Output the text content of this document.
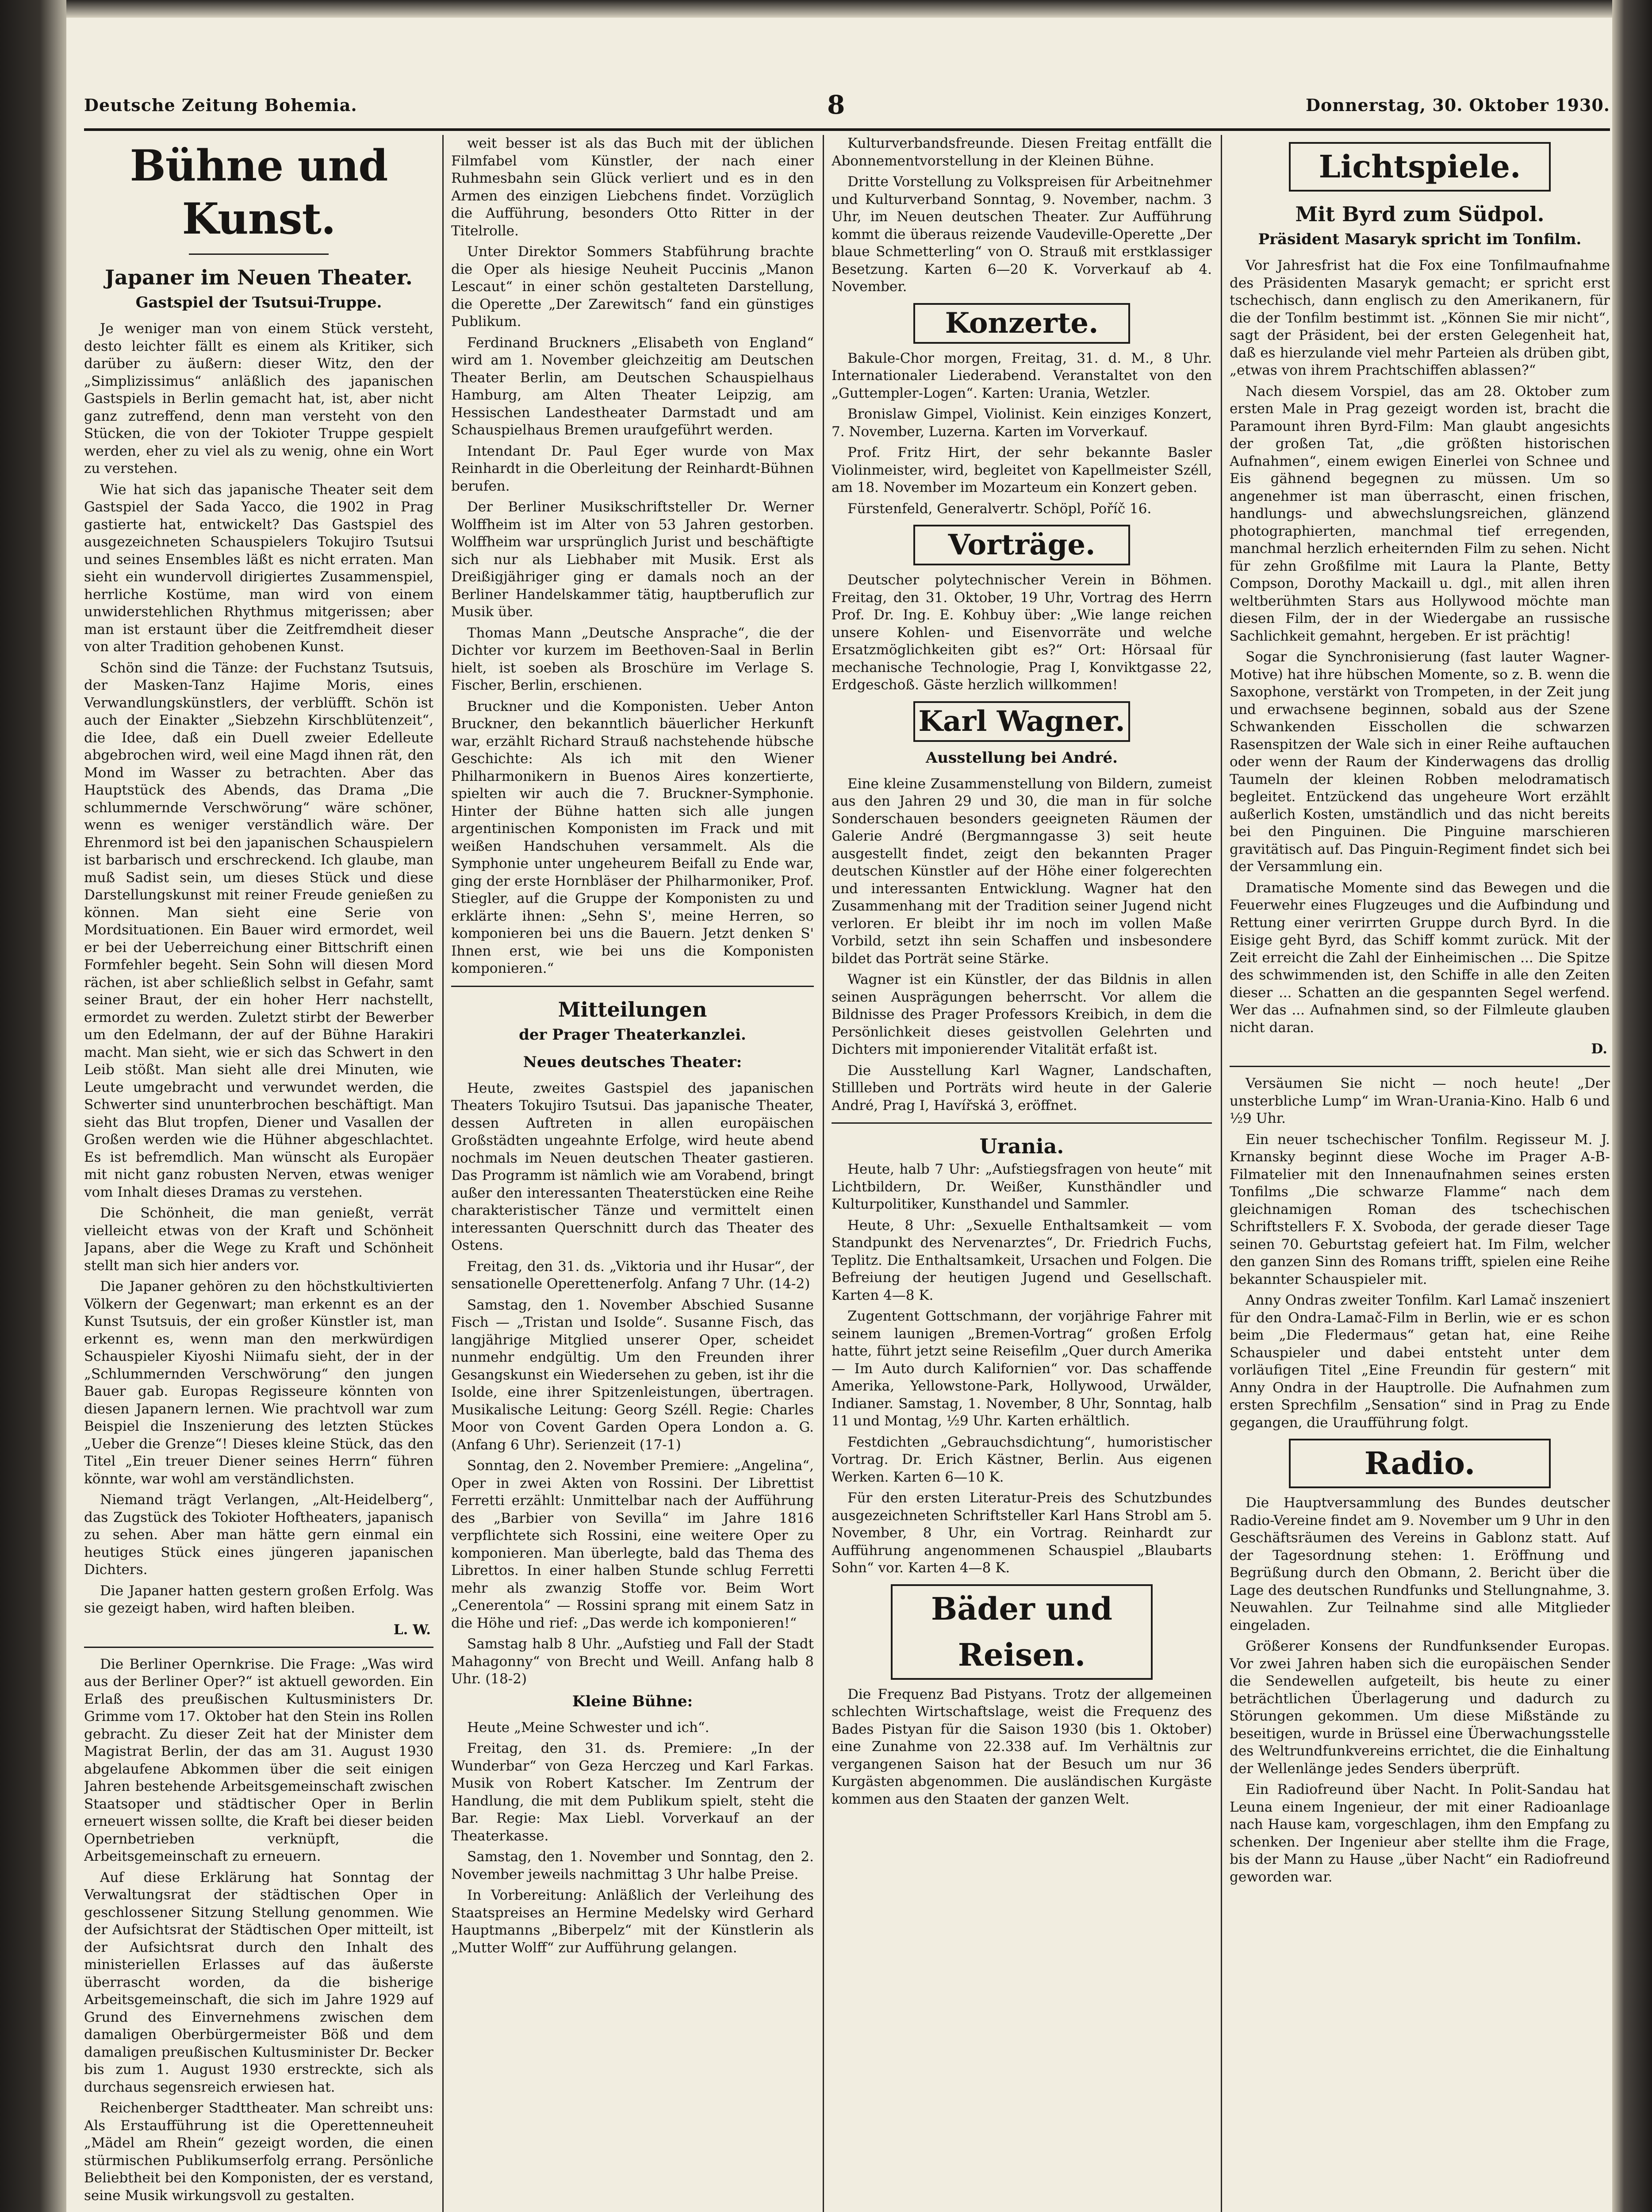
Deutsche Zeitung Bohemia.	8	Donnerstag, 30. Oktober 1930.
Bühne und Kunst.
Japaner im Neuen Theater.
Gastspiel der Tsutsui-Truppe.

Je weniger man von einem Stück versteht, desto leichter fällt es einem als Kritiker, sich darüber zu äußern: dieser Witz, den der „Simplizissimus“ anläßlich des japanischen Gastspiels in Berlin gemacht hat, ist, aber nicht ganz zutreffend, denn man versteht von den Stücken, die von der Tokioter Truppe gespielt werden, eher zu viel als zu wenig, ohne ein Wort zu verstehen.

Wie hat sich das japanische Theater seit dem Gastspiel der Sada Yacco, die 1902 in Prag gastierte hat, entwickelt? Das Gastspiel des ausgezeichneten Schauspielers Tokujiro Tsutsui und seines Ensembles läßt es nicht erraten. Man sieht ein wundervoll dirigiertes Zusammenspiel, herrliche Kostüme, man wird von einem unwiderstehlichen Rhythmus mitgerissen; aber man ist erstaunt über die Zeitfremdheit dieser von alter Tradition gehobenen Kunst.

Schön sind die Tänze: der Fuchstanz Tsutsuis, der Masken-Tanz Hajime Moris, eines Verwandlungskünstlers, der verblüfft. Schön ist auch der Einakter „Siebzehn Kirschblütenzeit“, die Idee, daß ein Duell zweier Edelleute abgebrochen wird, weil eine Magd ihnen rät, den Mond im Wasser zu betrachten. Aber das Hauptstück des Abends, das Drama „Die schlummernde Verschwörung“ wäre schöner, wenn es weniger verständlich wäre. Der Ehrenmord ist bei den japanischen Schauspielern ist barbarisch und erschreckend. Ich glaube, man muß Sadist sein, um dieses Stück und diese Darstellungskunst mit reiner Freude genießen zu können. Man sieht eine Serie von Mordsituationen. Ein Bauer wird ermordet, weil er bei der Ueberreichung einer Bittschrift einen Formfehler begeht. Sein Sohn will diesen Mord rächen, ist aber schließlich selbst in Gefahr, samt seiner Braut, der ein hoher Herr nachstellt, ermordet zu werden. Zuletzt stirbt der Bewerber um den Edelmann, der auf der Bühne Harakiri macht. Man sieht, wie er sich das Schwert in den Leib stößt. Man sieht alle drei Minuten, wie Leute umgebracht und verwundet werden, die Schwerter sind ununterbrochen beschäftigt. Man sieht das Blut tropfen, Diener und Vasallen der Großen werden wie die Hühner abgeschlachtet. Es ist befremdlich. Man wünscht als Europäer mit nicht ganz robusten Nerven, etwas weniger vom Inhalt dieses Dramas zu verstehen.

Die Schönheit, die man genießt, verrät vielleicht etwas von der Kraft und Schönheit Japans, aber die Wege zu Kraft und Schönheit stellt man sich hier anders vor.

Die Japaner gehören zu den höchstkultivierten Völkern der Gegenwart; man erkennt es an der Kunst Tsutsuis, der ein großer Künstler ist, man erkennt es, wenn man den merkwürdigen Schauspieler Kiyoshi Niimafu sieht, der in der „Schlummernden Verschwörung“ den jungen Bauer gab. Europas Regisseure könnten von diesen Japanern lernen. Wie prachtvoll war zum Beispiel die Inszenierung des letzten Stückes „Ueber die Grenze“! Dieses kleine Stück, das den Titel „Ein treuer Diener seines Herrn“ führen könnte, war wohl am verständlichsten.

Niemand trägt Verlangen, „Alt-Heidelberg“, das Zugstück des Tokioter Hoftheaters, japanisch zu sehen. Aber man hätte gern einmal ein heutiges Stück eines jüngeren japanischen Dichters.

Die Japaner hatten gestern großen Erfolg. Was sie gezeigt haben, wird haften bleiben.

L. W.

Die Berliner Opernkrise. Die Frage: „Was wird aus der Berliner Oper?“ ist aktuell geworden. Ein Erlaß des preußischen Kultusministers Dr. Grimme vom 17. Oktober hat den Stein ins Rollen gebracht. Zu dieser Zeit hat der Minister dem Magistrat Berlin, der das am 31. August 1930 abgelaufene Abkommen über die seit einigen Jahren bestehende Arbeitsgemeinschaft zwischen Staatsoper und städtischer Oper in Berlin erneuert wissen sollte, die Kraft bei dieser beiden Opernbetrieben verknüpft, die Arbeitsgemeinschaft zu erneuern.

Auf diese Erklärung hat Sonntag der Verwaltungsrat der städtischen Oper in geschlossener Sitzung Stellung genommen. Wie der Aufsichtsrat der Städtischen Oper mitteilt, ist der Aufsichtsrat durch den Inhalt des ministeriellen Erlasses auf das äußerste überrascht worden, da die bisherige Arbeitsgemeinschaft, die sich im Jahre 1929 auf Grund des Einvernehmens zwischen dem damaligen Oberbürgermeister Böß und dem damaligen preußischen Kultusminister Dr. Becker bis zum 1. August 1930 erstreckte, sich als durchaus segensreich erwiesen hat.

Reichenberger Stadttheater. Man schreibt uns: Als Erstaufführung ist die Operettenneuheit „Mädel am Rhein“ gezeigt worden, die einen stürmischen Publikumserfolg errang. Persönliche Beliebtheit bei den Komponisten, der es verstand, seine Musik wirkungsvoll zu gestalten.

weit besser ist als das Buch mit der üblichen Filmfabel vom Künstler, der nach einer Ruhmesbahn sein Glück verliert und es in den Armen des einzigen Liebchens findet. Vorzüglich die Aufführung, besonders Otto Ritter in der Titelrolle.

Unter Direktor Sommers Stabführung brachte die Oper als hiesige Neuheit Puccinis „Manon Lescaut“ in einer schön gestalteten Darstellung, die Operette „Der Zarewitsch“ fand ein günstiges Publikum.

Ferdinand Bruckners „Elisabeth von England“ wird am 1. November gleichzeitig am Deutschen Theater Berlin, am Deutschen Schauspielhaus Hamburg, am Alten Theater Leipzig, am Hessischen Landestheater Darmstadt und am Schauspielhaus Bremen uraufgeführt werden.

Intendant Dr. Paul Eger wurde von Max Reinhardt in die Oberleitung der Reinhardt-Bühnen berufen.

Der Berliner Musikschriftsteller Dr. Werner Wolffheim ist im Alter von 53 Jahren gestorben. Wolffheim war ursprünglich Jurist und beschäftigte sich nur als Liebhaber mit Musik. Erst als Dreißigjähriger ging er damals noch an der Berliner Handelskammer tätig, hauptberuflich zur Musik über.

Thomas Mann „Deutsche Ansprache“, die der Dichter vor kurzem im Beethoven-Saal in Berlin hielt, ist soeben als Broschüre im Verlage S. Fischer, Berlin, erschienen.

Bruckner und die Komponisten. Ueber Anton Bruckner, den bekanntlich bäuerlicher Herkunft war, erzählt Richard Strauß nachstehende hübsche Geschichte: Als ich mit den Wiener Philharmonikern in Buenos Aires konzertierte, spielten wir auch die 7. Bruckner-Symphonie. Hinter der Bühne hatten sich alle jungen argentinischen Komponisten im Frack und mit weißen Handschuhen versammelt. Als die Symphonie unter ungeheurem Beifall zu Ende war, ging der erste Hornbläser der Philharmoniker, Prof. Stiegler, auf die Gruppe der Komponisten zu und erklärte ihnen: „Sehn S', meine Herren, so komponieren bei uns die Bauern. Jetzt denken S' Ihnen erst, wie bei uns die Komponisten komponieren.“

Mitteilungen
der Prager Theaterkanzlei.
Neues deutsches Theater:

Heute, zweites Gastspiel des japanischen Theaters Tokujiro Tsutsui. Das japanische Theater, dessen Auftreten in allen europäischen Großstädten ungeahnte Erfolge, wird heute abend nochmals im Neuen deutschen Theater gastieren. Das Programm ist nämlich wie am Vorabend, bringt außer den interessanten Theaterstücken eine Reihe charakteristischer Tänze und vermittelt einen interessanten Querschnitt durch das Theater des Ostens.

Freitag, den 31. ds. „Viktoria und ihr Husar“, der sensationelle Operettenerfolg. Anfang 7 Uhr. (14-2)

Samstag, den 1. November Abschied Susanne Fisch — „Tristan und Isolde“. Susanne Fisch, das langjährige Mitglied unserer Oper, scheidet nunmehr endgültig. Um den Freunden ihrer Gesangskunst ein Wiedersehen zu geben, ist ihr die Isolde, eine ihrer Spitzenleistungen, übertragen. Musikalische Leitung: Georg Széll. Regie: Charles Moor von Covent Garden Opera London a. G. (Anfang 6 Uhr). Serienzeit (17-1)

Sonntag, den 2. November Premiere: „Angelina“, Oper in zwei Akten von Rossini. Der Librettist Ferretti erzählt: Unmittelbar nach der Aufführung des „Barbier von Sevilla“ im Jahre 1816 verpflichtete sich Rossini, eine weitere Oper zu komponieren. Man überlegte, bald das Thema des Librettos. In einer halben Stunde schlug Ferretti mehr als zwanzig Stoffe vor. Beim Wort „Cenerentola“ — Rossini sprang mit einem Satz in die Höhe und rief: „Das werde ich komponieren!“

Samstag halb 8 Uhr. „Aufstieg und Fall der Stadt Mahagonny“ von Brecht und Weill. Anfang halb 8 Uhr. (18-2)

Kleine Bühne:

Heute „Meine Schwester und ich“.

Freitag, den 31. ds. Premiere: „In der Wunderbar“ von Geza Herczeg und Karl Farkas. Musik von Robert Katscher. Im Zentrum der Handlung, die mit dem Publikum spielt, steht die Bar. Regie: Max Liebl. Vorverkauf an der Theaterkasse.

Samstag, den 1. November und Sonntag, den 2. November jeweils nachmittag 3 Uhr halbe Preise.

In Vorbereitung: Anläßlich der Verleihung des Staatspreises an Hermine Medelsky wird Gerhard Hauptmanns „Biberpelz“ mit der Künstlerin als „Mutter Wolff“ zur Aufführung gelangen.

Kulturverbandsfreunde. Diesen Freitag entfällt die Abonnementvorstellung in der Kleinen Bühne.

Dritte Vorstellung zu Volkspreisen für Arbeitnehmer und Kulturverband Sonntag, 9. November, nachm. 3 Uhr, im Neuen deutschen Theater. Zur Aufführung kommt die überaus reizende Vaudeville-Operette „Der blaue Schmetterling“ von O. Strauß mit erstklassiger Besetzung. Karten 6—20 K. Vorverkauf ab 4. November.

Konzerte.

Bakule-Chor morgen, Freitag, 31. d. M., 8 Uhr. Internationaler Liederabend. Veranstaltet von den „Guttempler-Logen“. Karten: Urania, Wetzler.

Bronislaw Gimpel, Violinist. Kein einziges Konzert, 7. November, Luzerna. Karten im Vorverkauf.

Prof. Fritz Hirt, der sehr bekannte Basler Violinmeister, wird, begleitet von Kapellmeister Széll, am 18. November im Mozarteum ein Konzert geben.

Fürstenfeld, Generalvertr. Schöpl, Poříč 16.

Vorträge.

Deutscher polytechnischer Verein in Böhmen. Freitag, den 31. Oktober, 19 Uhr, Vortrag des Herrn Prof. Dr. Ing. E. Kohbuy über: „Wie lange reichen unsere Kohlen- und Eisenvorräte und welche Ersatzmöglichkeiten gibt es?“ Ort: Hörsaal für mechanische Technologie, Prag I, Konviktgasse 22, Erdgeschoß. Gäste herzlich willkommen!

Karl Wagner.
Ausstellung bei André.

Eine kleine Zusammenstellung von Bildern, zumeist aus den Jahren 29 und 30, die man in für solche Sonderschauen besonders geeigneten Räumen der Galerie André (Bergmanngasse 3) seit heute ausgestellt findet, zeigt den bekannten Prager deutschen Künstler auf der Höhe einer folgerechten und interessanten Entwicklung. Wagner hat den Zusammenhang mit der Tradition seiner Jugend nicht verloren. Er bleibt ihr im noch im vollen Maße Vorbild, setzt ihn sein Schaffen und insbesondere bildet das Porträt seine Stärke.

Wagner ist ein Künstler, der das Bildnis in allen seinen Ausprägungen beherrscht. Vor allem die Bildnisse des Prager Professors Kreibich, in dem die Persönlichkeit dieses geistvollen Gelehrten und Dichters mit imponierender Vitalität erfaßt ist.

Die Ausstellung Karl Wagner, Landschaften, Stillleben und Porträts wird heute in der Galerie André, Prag I, Havířská 3, eröffnet.

Urania.

Heute, halb 7 Uhr: „Aufstiegsfragen von heute“ mit Lichtbildern, Dr. Weißer, Kunsthändler und Kulturpolitiker, Kunsthandel und Sammler.

Heute, 8 Uhr: „Sexuelle Enthaltsamkeit — vom Standpunkt des Nervenarztes“, Dr. Friedrich Fuchs, Teplitz. Die Enthaltsamkeit, Ursachen und Folgen. Die Befreiung der heutigen Jugend und Gesellschaft. Karten 4—8 K.

Zugentent Gottschmann, der vorjährige Fahrer mit seinem launigen „Bremen-Vortrag“ großen Erfolg hatte, führt jetzt seine Reisefilm „Quer durch Amerika — Im Auto durch Kalifornien“ vor. Das schaffende Amerika, Yellowstone-Park, Hollywood, Urwälder, Indianer. Samstag, 1. November, 8 Uhr, Sonntag, halb 11 und Montag, ½9 Uhr. Karten erhältlich.

Festdichten „Gebrauchsdichtung“, humoristischer Vortrag. Dr. Erich Kästner, Berlin. Aus eigenen Werken. Karten 6—10 K.

Für den ersten Literatur-Preis des Schutzbundes ausgezeichneten Schriftsteller Karl Hans Strobl am 5. November, 8 Uhr, ein Vortrag. Reinhardt zur Aufführung angenommenen Schauspiel „Blaubarts Sohn“ vor. Karten 4—8 K.

Bäder und Reisen.

Die Frequenz Bad Pistyans. Trotz der allgemeinen schlechten Wirtschaftslage, weist die Frequenz des Bades Pistyan für die Saison 1930 (bis 1. Oktober) eine Zunahme von 22.338 auf. Im Verhältnis zur vergangenen Saison hat der Besuch um nur 36 Kurgästen abgenommen. Die ausländischen Kurgäste kommen aus den Staaten der ganzen Welt.

Lichtspiele.
Mit Byrd zum Südpol.
Präsident Masaryk spricht im Tonfilm.

Vor Jahresfrist hat die Fox eine Tonfilmaufnahme des Präsidenten Masaryk gemacht; er spricht erst tschechisch, dann englisch zu den Amerikanern, für die der Tonfilm bestimmt ist. „Können Sie mir nicht“, sagt der Präsident, bei der ersten Gelegenheit hat, daß es hierzulande viel mehr Parteien als drüben gibt, „etwas von ihrem Prachtschiffen ablassen?“

Nach diesem Vorspiel, das am 28. Oktober zum ersten Male in Prag gezeigt worden ist, bracht die Paramount ihren Byrd-Film: Man glaubt angesichts der großen Tat, „die größten historischen Aufnahmen“, einem ewigen Einerlei von Schnee und Eis gähnend begegnen zu müssen. Um so angenehmer ist man überrascht, einen frischen, handlungs- und abwechslungsreichen, glänzend photographierten, manchmal tief erregenden, manchmal herzlich erheiternden Film zu sehen. Nicht für zehn Großfilme mit Laura la Plante, Betty Compson, Dorothy Mackaill u. dgl., mit allen ihren weltberühmten Stars aus Hollywood möchte man diesen Film, der in der Wiedergabe an russische Sachlichkeit gemahnt, hergeben. Er ist prächtig!

Sogar die Synchronisierung (fast lauter Wagner-Motive) hat ihre hübschen Momente, so z. B. wenn die Saxophone, verstärkt von Trompeten, in der Zeit jung und erwachsene beginnen, sobald aus der Szene Schwankenden Eisschollen die schwarzen Rasenspitzen der Wale sich in einer Reihe auftauchen oder wenn der Raum der Kinderwagens das drollig Taumeln der kleinen Robben melodramatisch begleitet. Entzückend das ungeheure Wort erzählt außerlich Kosten, umständlich und das nicht bereits bei den Pinguinen. Die Pinguine marschieren gravitätisch auf. Das Pinguin-Regiment findet sich bei der Versammlung ein.

Dramatische Momente sind das Bewegen und die Feuerwehr eines Flugzeuges und die Aufbindung und Rettung einer verirrten Gruppe durch Byrd. In die Eisige geht Byrd, das Schiff kommt zurück. Mit der Zeit erreicht die Zahl der Einheimischen ... Die Spitze des schwimmenden ist, den Schiffe in alle den Zeiten dieser ... Schatten an die gespannten Segel werfend. Wer das ... Aufnahmen sind, so der Filmleute glauben nicht daran.

D.

Versäumen Sie nicht — noch heute! „Der unsterbliche Lump“ im Wran-Urania-Kino. Halb 6 und ½9 Uhr.

Ein neuer tschechischer Tonfilm. Regisseur M. J. Krnansky beginnt diese Woche im Prager A-B-Filmatelier mit den Innenaufnahmen seines ersten Tonfilms „Die schwarze Flamme“ nach dem gleichnamigen Roman des tschechischen Schriftstellers F. X. Svoboda, der gerade dieser Tage seinen 70. Geburtstag gefeiert hat. Im Film, welcher den ganzen Sinn des Romans trifft, spielen eine Reihe bekannter Schauspieler mit.

Anny Ondras zweiter Tonfilm. Karl Lamač inszeniert für den Ondra-Lamač-Film in Berlin, wie er es schon beim „Die Fledermaus“ getan hat, eine Reihe Schauspieler und dabei entsteht unter dem vorläufigen Titel „Eine Freundin für gestern“ mit Anny Ondra in der Hauptrolle. Die Aufnahmen zum ersten Sprechfilm „Sensation“ sind in Prag zu Ende gegangen, die Uraufführung folgt.

Radio.

Die Hauptversammlung des Bundes deutscher Radio-Vereine findet am 9. November um 9 Uhr in den Geschäftsräumen des Vereins in Gablonz statt. Auf der Tagesordnung stehen: 1. Eröffnung und Begrüßung durch den Obmann, 2. Bericht über die Lage des deutschen Rundfunks und Stellungnahme, 3. Neuwahlen. Zur Teilnahme sind alle Mitglieder eingeladen.

Größerer Konsens der Rundfunksender Europas. Vor zwei Jahren haben sich die europäischen Sender die Sendewellen aufgeteilt, bis heute zu einer beträchtlichen Überlagerung und dadurch zu Störungen gekommen. Um diese Mißstände zu beseitigen, wurde in Brüssel eine Überwachungsstelle des Weltrundfunkvereins errichtet, die die Einhaltung der Wellenlänge jedes Senders überprüft.

Ein Radiofreund über Nacht. In Polit-Sandau hat Leuna einem Ingenieur, der mit einer Radioanlage nach Hause kam, vorgeschlagen, ihm den Empfang zu schenken. Der Ingenieur aber stellte ihm die Frage, bis der Mann zu Hause „über Nacht“ ein Radiofreund geworden war.
